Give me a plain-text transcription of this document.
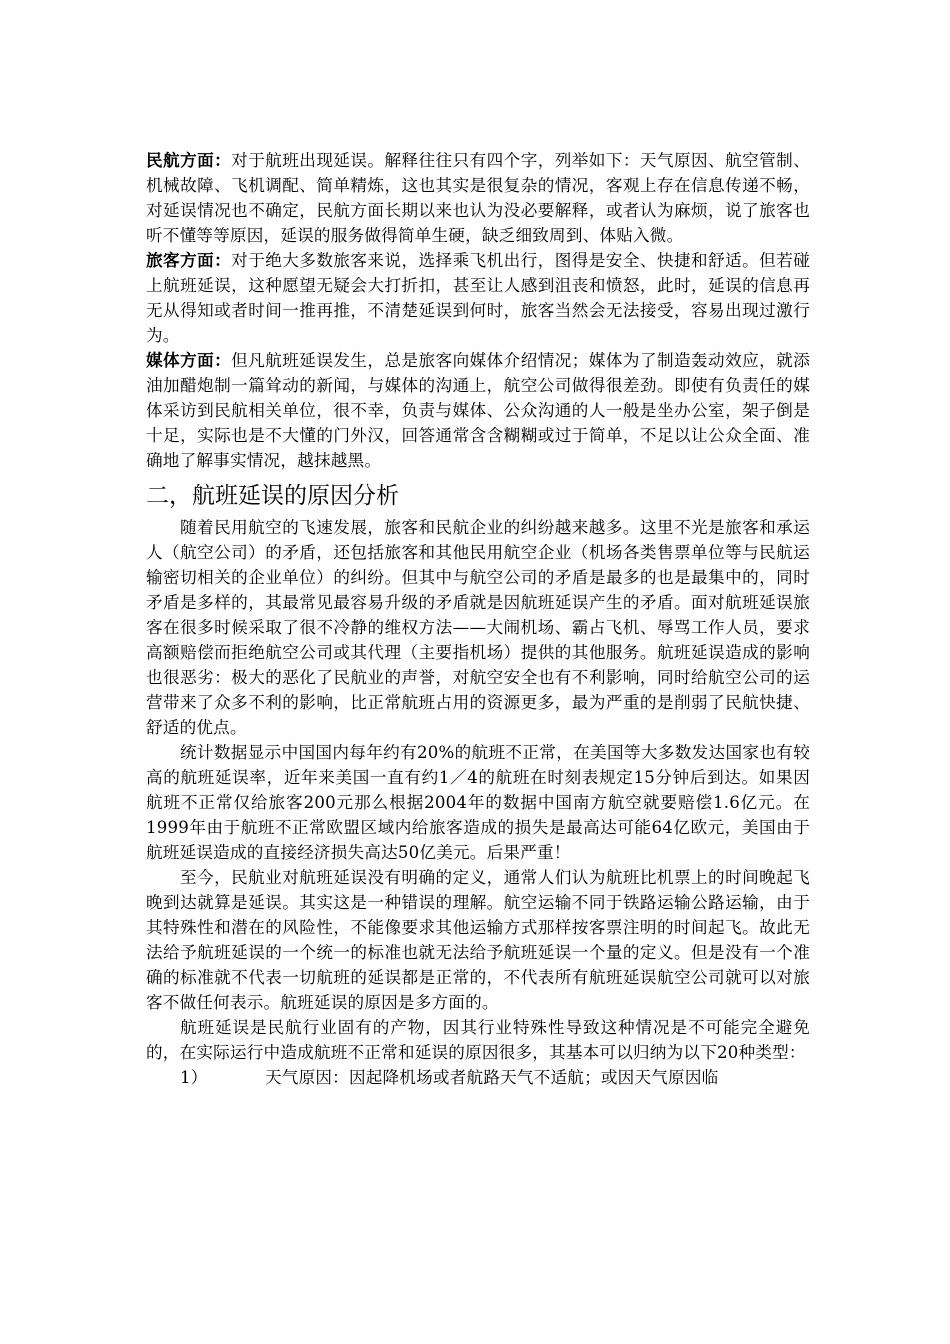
民航方面：对于航班出现延误。解释往往只有四个字，列举如下：天气原因、航空管制、机械故障、飞机调配、简单精炼，这也其实是很复杂的情况，客观上存在信息传递不畅，对延误情况也不确定，民航方面长期以来也认为没必要解释，或者认为麻烦，说了旅客也听不懂等等原因，延误的服务做得简单生硬，缺乏细致周到、体贴入微。

旅客方面：对于绝大多数旅客来说，选择乘飞机出行，图得是安全、快捷和舒适。但若碰上航班延误，这种愿望无疑会大打折扣，甚至让人感到沮丧和愤怒，此时，延误的信息再无从得知或者时间一推再推，不清楚延误到何时，旅客当然会无法接受，容易出现过激行为。

媒体方面：但凡航班延误发生，总是旅客向媒体介绍情况；媒体为了制造轰动效应，就添油加醋炮制一篇耸动的新闻，与媒体的沟通上，航空公司做得很差劲。即使有负责任的媒体采访到民航相关单位，很不幸，负责与媒体、公众沟通的人一般是坐办公室，架子倒是十足，实际也是不大懂的门外汉，回答通常含含糊糊或过于简单，不足以让公众全面、准确地了解事实情况，越抹越黑。

二，航班延误的原因分析

随着民用航空的飞速发展，旅客和民航企业的纠纷越来越多。这里不光是旅客和承运人（航空公司）的矛盾，还包括旅客和其他民用航空企业（机场各类售票单位等与民航运输密切相关的企业单位）的纠纷。但其中与航空公司的矛盾是最多的也是最集中的，同时矛盾是多样的，其最常见最容易升级的矛盾就是因航班延误产生的矛盾。面对航班延误旅客在很多时候采取了很不冷静的维权方法——大闹机场、霸占飞机、辱骂工作人员，要求高额赔偿而拒绝航空公司或其代理（主要指机场）提供的其他服务。航班延误造成的影响也很恶劣：极大的恶化了民航业的声誉，对航空安全也有不利影响，同时给航空公司的运营带来了众多不利的影响，比正常航班占用的资源更多，最为严重的是削弱了民航快捷、舒适的优点。

统计数据显示中国国内每年约有20%的航班不正常，在美国等大多数发达国家也有较高的航班延误率，近年来美国一直有约1／4的航班在时刻表规定15分钟后到达。如果因航班不正常仅给旅客200元那么根据2004年的数据中国南方航空就要赔偿1.6亿元。在1999年由于航班不正常欧盟区域内给旅客造成的损失是最高达可能64亿欧元，美国由于航班延误造成的直接经济损失高达50亿美元。后果严重！

至今，民航业对航班延误没有明确的定义，通常人们认为航班比机票上的时间晚起飞晚到达就算是延误。其实这是一种错误的理解。航空运输不同于铁路运输公路运输，由于其特殊性和潜在的风险性，不能像要求其他运输方式那样按客票注明的时间起飞。故此无法给予航班延误的一个统一的标准也就无法给予航班延误一个量的定义。但是没有一个准确的标准就不代表一切航班的延误都是正常的，不代表所有航班延误航空公司就可以对旅客不做任何表示。航班延误的原因是多方面的。

航班延误是民航行业固有的产物，因其行业特殊性导致这种情况是不可能完全避免的，在实际运行中造成航班不正常和延误的原因很多，其基本可以归纳为以下20种类型：

1）	天气原因：因起降机场或者航路天气不适航；或因天气原因临
